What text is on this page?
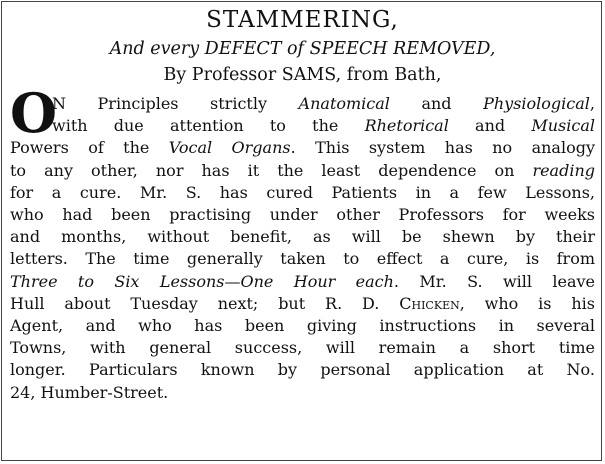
STAMMERING,

And every DEFECT of SPEECH REMOVED,

By Professor SAMS, from Bath,

O
N Principles strictly Anatomical and Physiological,
with due attention to the Rhetorical and Musical
Powers of the Vocal Organs. This system has no analogy
to any other, nor has it the least dependence on reading
for a cure. Mr. S. has cured Patients in a few Lessons,
who had been practising under other Professors for weeks
and months, without benefit, as will be shewn by their
letters. The time generally taken to effect a cure, is from
Three to Six Lessons—One Hour each. Mr. S. will leave
Hull about Tuesday next; but R. D. Chicken, who is his
Agent, and who has been giving instructions in several
Towns, with general success, will remain a short time
longer. Particulars known by personal application at No.
24, Humber-Street.
